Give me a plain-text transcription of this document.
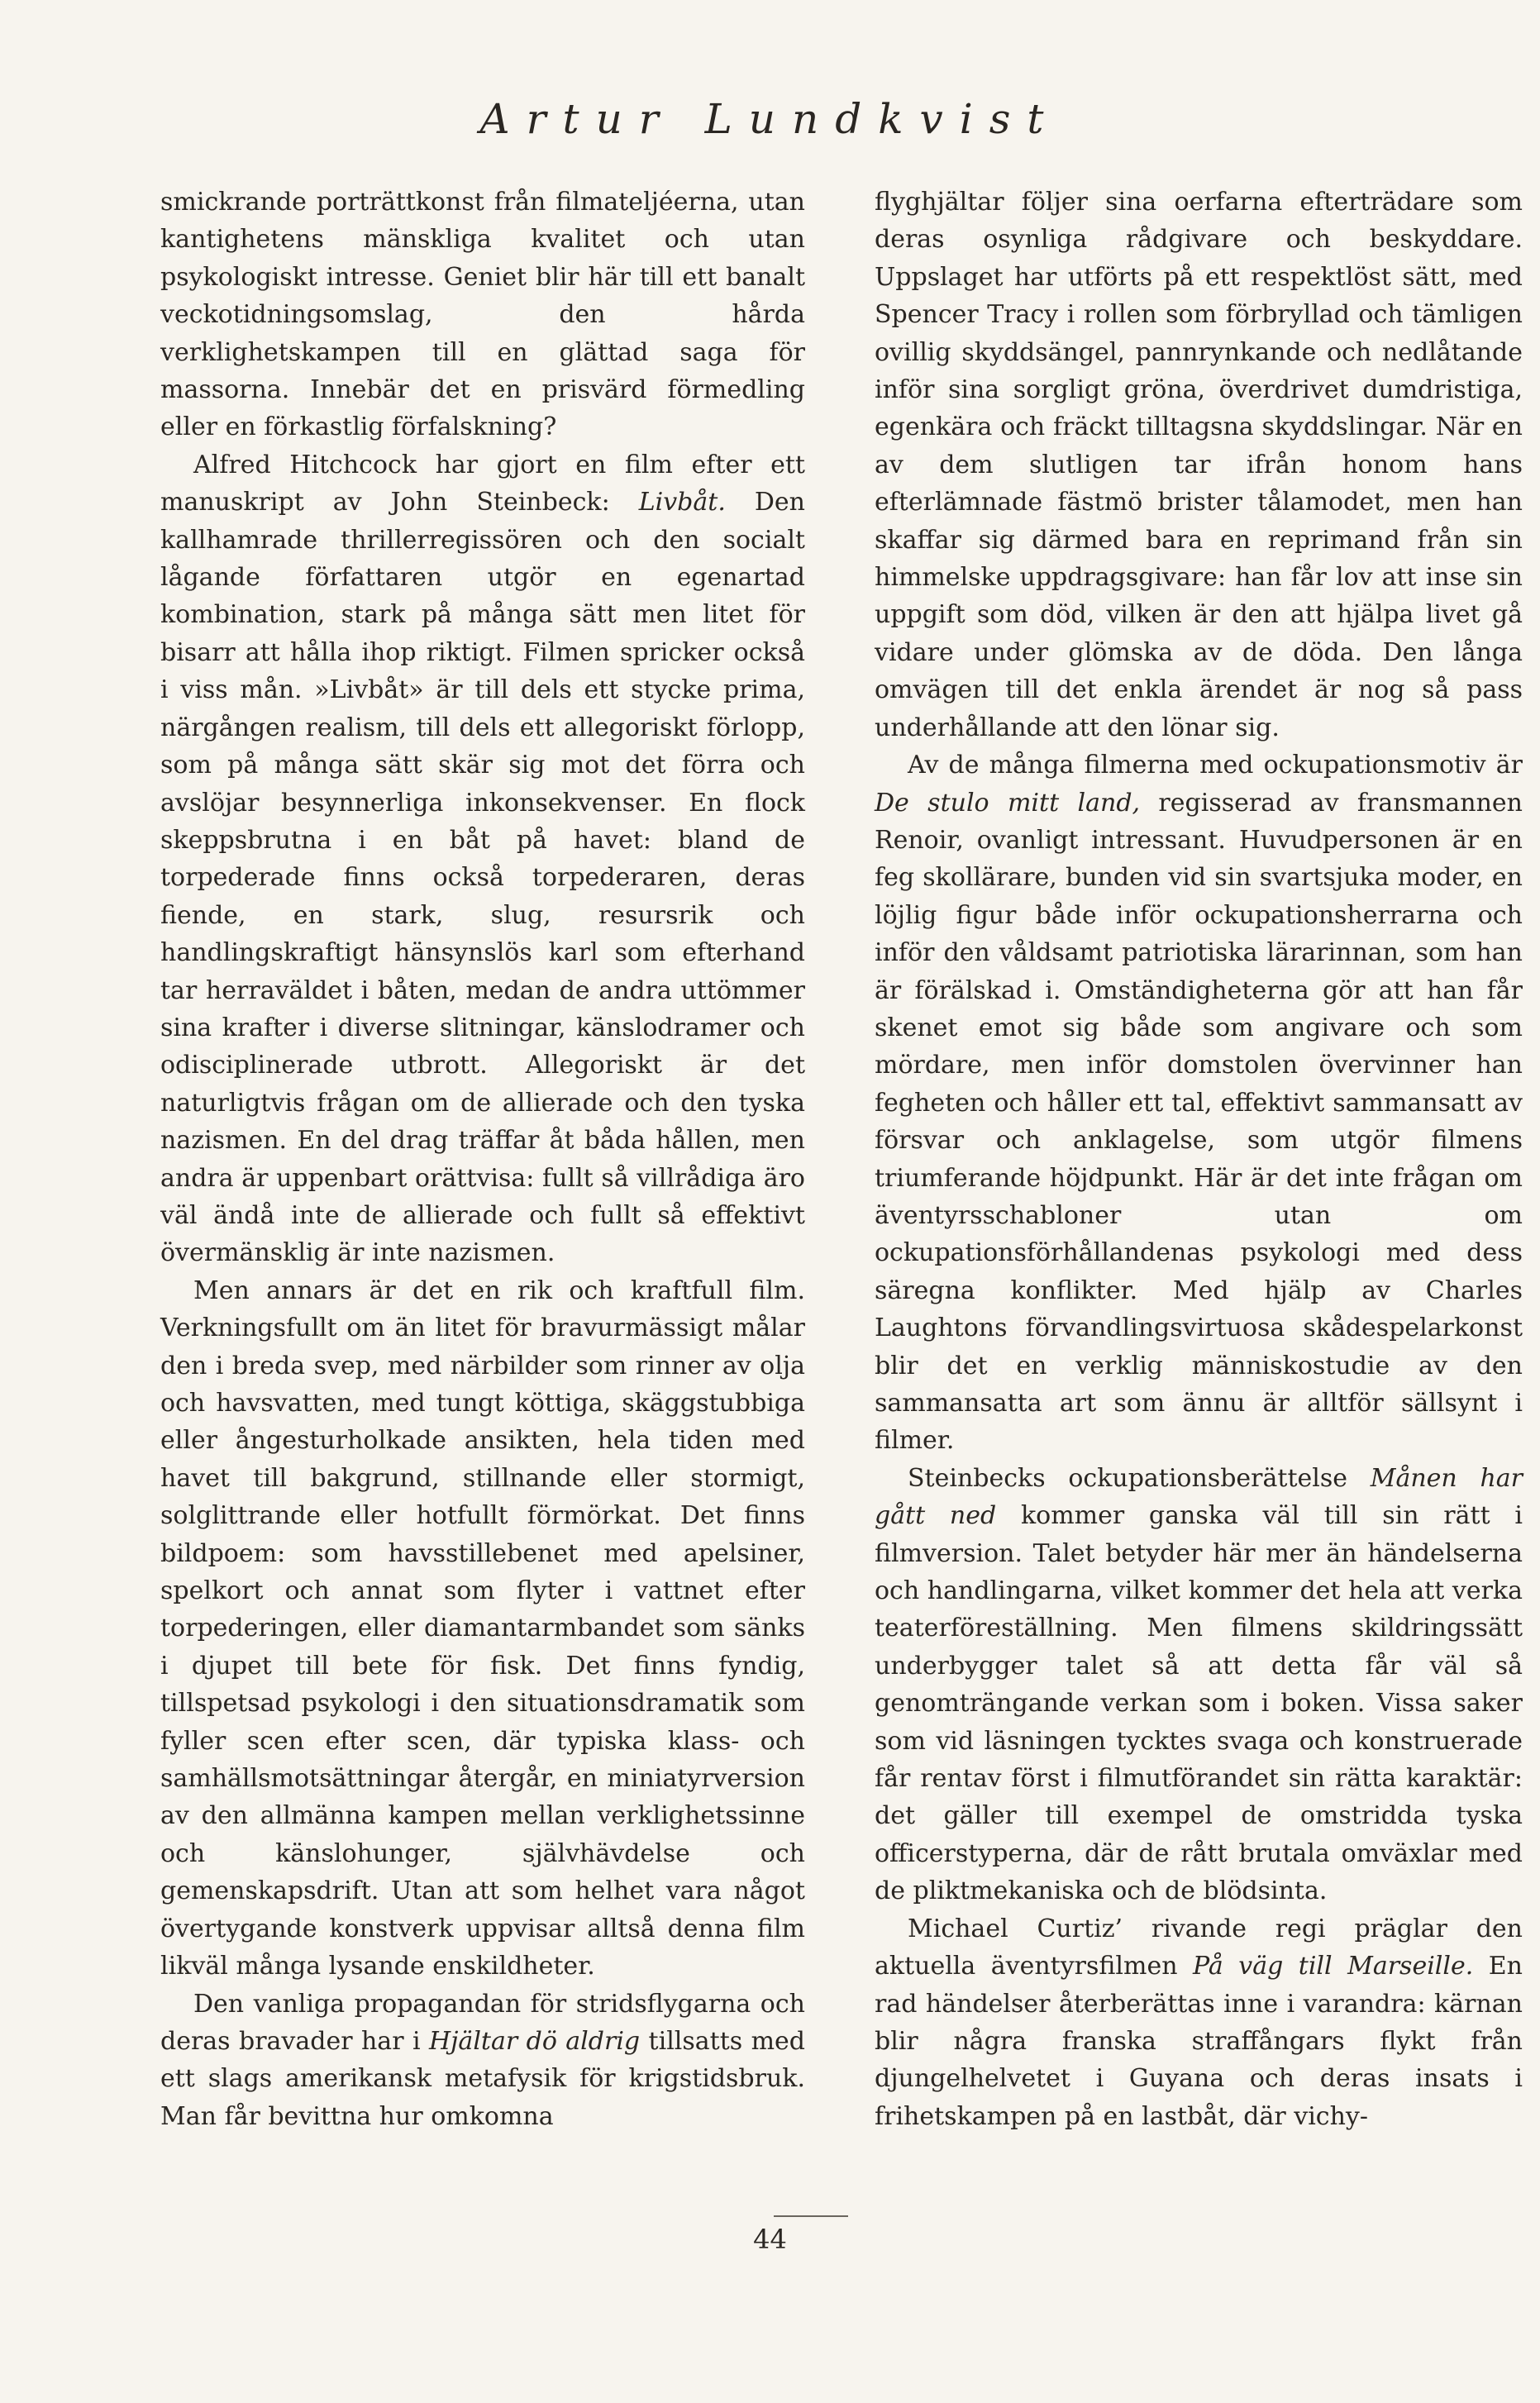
Artur Lundkvist

smickrande porträttkonst från filmateljéerna, utan kantighetens mänskliga kvalitet och utan psykologiskt intresse. Geniet blir här till ett banalt veckotidningsomslag, den hårda verklighetskampen till en glättad saga för massorna. Innebär det en prisvärd förmedling eller en förkastlig förfalskning?

Alfred Hitchcock har gjort en film efter ett manuskript av John Steinbeck: Livbåt. Den kallhamrade thrillerregissören och den socialt lågande författaren utgör en egenartad kombination, stark på många sätt men litet för bisarr att hålla ihop riktigt. Filmen spricker också i viss mån. »Livbåt» är till dels ett stycke prima, närgången realism, till dels ett allegoriskt förlopp, som på många sätt skär sig mot det förra och avslöjar besynnerliga inkonsekvenser. En flock skeppsbrutna i en båt på havet: bland de torpederade finns också torpederaren, deras fiende, en stark, slug, resursrik och handlingskraftigt hänsynslös karl som efterhand tar herraväldet i båten, medan de andra uttömmer sina krafter i diverse slitningar, känslodramer och odisciplinerade utbrott. Allegoriskt är det naturligtvis frågan om de allierade och den tyska nazismen. En del drag träffar åt båda hållen, men andra är uppenbart orättvisa: fullt så villrådiga äro väl ändå inte de allierade och fullt så effektivt övermänsklig är inte nazismen.

Men annars är det en rik och kraftfull film. Verkningsfullt om än litet för bravurmässigt målar den i breda svep, med närbilder som rinner av olja och havsvatten, med tungt köttiga, skäggstubbiga eller ångesturholkade ansikten, hela tiden med havet till bakgrund, stillnande eller stormigt, solglittrande eller hotfullt förmörkat. Det finns bildpoem: som havsstillebenet med apelsiner, spelkort och annat som flyter i vattnet efter torpederingen, eller diamantarmbandet som sänks i djupet till bete för fisk. Det finns fyndig, tillspetsad psykologi i den situationsdramatik som fyller scen efter scen, där typiska klass- och samhällsmotsättningar återgår, en miniatyrversion av den allmänna kampen mellan verklighetssinne och känslohunger, självhävdelse och gemenskapsdrift. Utan att som helhet vara något övertygande konstverk uppvisar alltså denna film likväl många lysande enskildheter.

Den vanliga propagandan för stridsflygarna och deras bravader har i Hjältar dö aldrig tillsatts med ett slags amerikansk metafysik för krigstidsbruk. Man får bevittna hur omkomna

flyghjältar följer sina oerfarna efterträdare som deras osynliga rådgivare och beskyddare. Uppslaget har utförts på ett respektlöst sätt, med Spencer Tracy i rollen som förbryllad och tämligen ovillig skyddsängel, pannrynkande och nedlåtande inför sina sorgligt gröna, överdrivet dumdristiga, egenkära och fräckt tilltagsna skyddslingar. När en av dem slutligen tar ifrån honom hans efterlämnade fästmö brister tålamodet, men han skaffar sig därmed bara en reprimand från sin himmelske uppdragsgivare: han får lov att inse sin uppgift som död, vilken är den att hjälpa livet gå vidare under glömska av de döda. Den långa omvägen till det enkla ärendet är nog så pass underhållande att den lönar sig.

Av de många filmerna med ockupationsmotiv är De stulo mitt land, regisserad av fransmannen Renoir, ovanligt intressant. Huvudpersonen är en feg skollärare, bunden vid sin svartsjuka moder, en löjlig figur både inför ockupationsherrarna och inför den våldsamt patriotiska lärarinnan, som han är förälskad i. Omständigheterna gör att han får skenet emot sig både som angivare och som mördare, men inför domstolen övervinner han fegheten och håller ett tal, effektivt sammansatt av försvar och anklagelse, som utgör filmens triumferande höjdpunkt. Här är det inte frågan om äventyrsschabloner utan om ockupationsförhållandenas psykologi med dess säregna konflikter. Med hjälp av Charles Laughtons förvandlingsvirtuosa skådespelarkonst blir det en verklig människostudie av den sammansatta art som ännu är alltför sällsynt i filmer.

Steinbecks ockupationsberättelse Månen har gått ned kommer ganska väl till sin rätt i filmversion. Talet betyder här mer än händelserna och handlingarna, vilket kommer det hela att verka teaterföreställning. Men filmens skildringssätt underbygger talet så att detta får väl så genomträngande verkan som i boken. Vissa saker som vid läsningen tycktes svaga och konstruerade får rentav först i filmutförandet sin rätta karaktär: det gäller till exempel de omstridda tyska officerstyperna, där de rått brutala omväxlar med de pliktmekaniska och de blödsinta.

Michael Curtiz’ rivande regi präglar den aktuella äventyrsfilmen På väg till Marseille. En rad händelser återberättas inne i varandra: kärnan blir några franska straffångars flykt från djungelhelvetet i Guyana och deras insats i frihetskampen på en lastbåt, där vichy-

44
